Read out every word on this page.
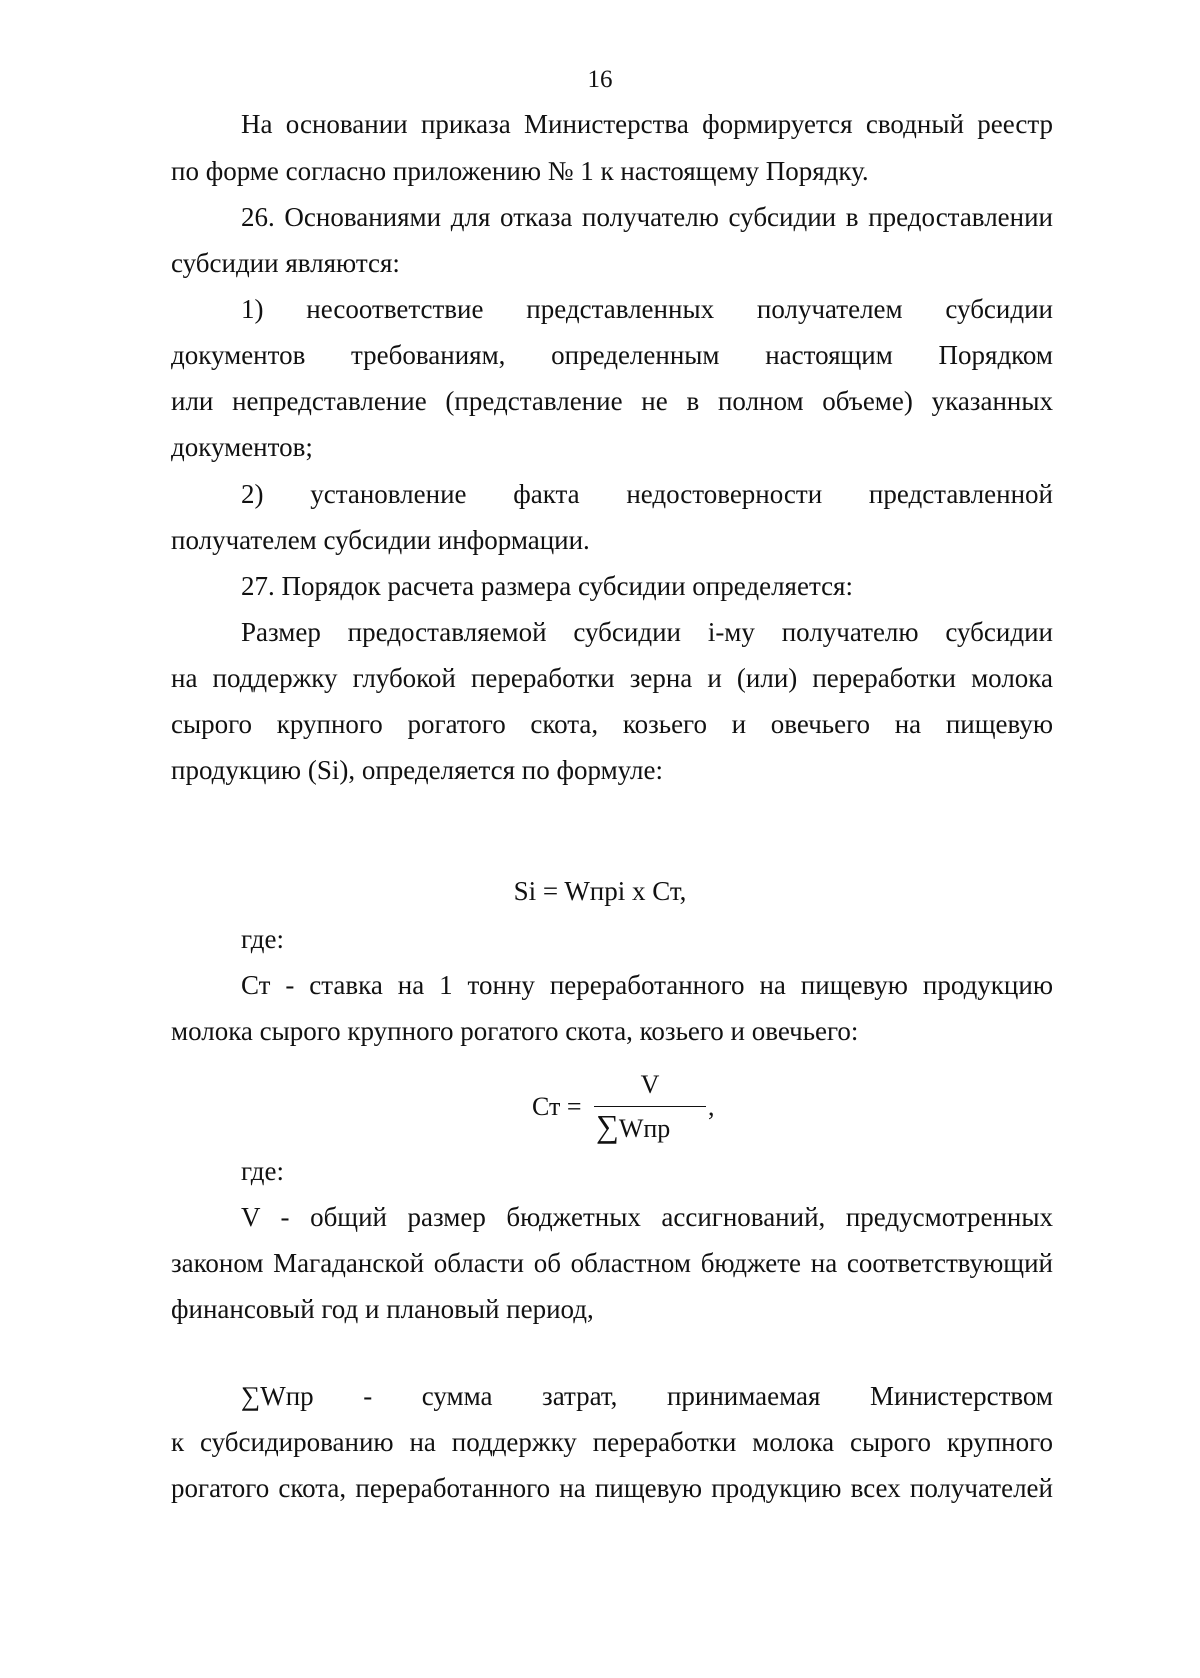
16
На основании приказа Министерства формируется сводный реестр
по форме согласно приложению № 1 к настоящему Порядку.
26. Основаниями для отказа получателю субсидии в предоставлении
субсидии являются:
1) несоответствие представленных получателем субсидии
документов требованиям, определенным настоящим Порядком
или непредставление (представление не в полном объеме) указанных
документов;
2) установление факта недостоверности представленной
получателем субсидии информации.
27. Порядок расчета размера субсидии определяется:
Размер предоставляемой субсидии i-му получателю субсидии
на поддержку глубокой переработки зерна и (или) переработки молока
сырого крупного рогатого скота, козьего и овечьего на пищевую
продукцию (Si), определяется по формуле:
Si = Wпрi x Ст,
где:
Ст - ставка на 1 тонну переработанного на пищевую продукцию
молока сырого крупного рогатого скота, козьего и овечьего:
Ст =
V
∑Wпр
,
где:
V - общий размер бюджетных ассигнований, предусмотренных
законом Магаданской области об областном бюджете на соответствующий
финансовый год и плановый период,
∑Wпр - сумма затрат, принимаемая Министерством
к субсидированию на поддержку переработки молока сырого крупного
рогатого скота, переработанного на пищевую продукцию всех получателей
